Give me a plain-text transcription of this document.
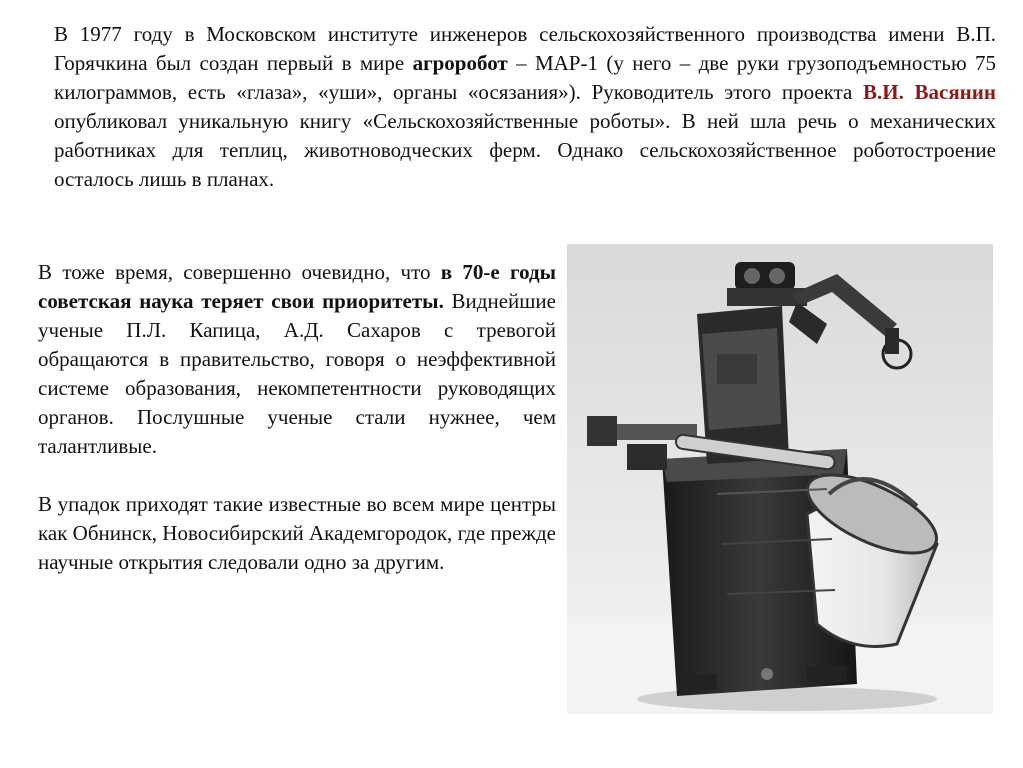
В 1977 году в Московском институте инженеров сельскохозяйственного производства имени В.П. Горячкина был создан первый в мире агроробот – МАР-1 (у него – две руки грузоподъемностью 75 килограммов, есть «глаза», «уши», органы «осязания»). Руководитель этого проекта В.И. Васянин опубликовал уникальную книгу «Сельскохозяйственные роботы». В ней шла речь о механических работниках для теплиц, животноводческих ферм. Однако сельскохозяйственное роботостроение осталось лишь в планах.

В тоже время, совершенно очевидно, что в 70-е годы советская наука теряет свои приоритеты. Виднейшие ученые П.Л. Капица, А.Д. Сахаров с тревогой обращаются в правительство, говоря о неэффективной системе образования, некомпетентности руководящих органов. Послушные ученые стали нужнее, чем талантливые.

В упадок приходят такие известные во всем мире центры как Обнинск, Новосибирский Академгородок, где прежде научные открытия следовали одно за другим.
